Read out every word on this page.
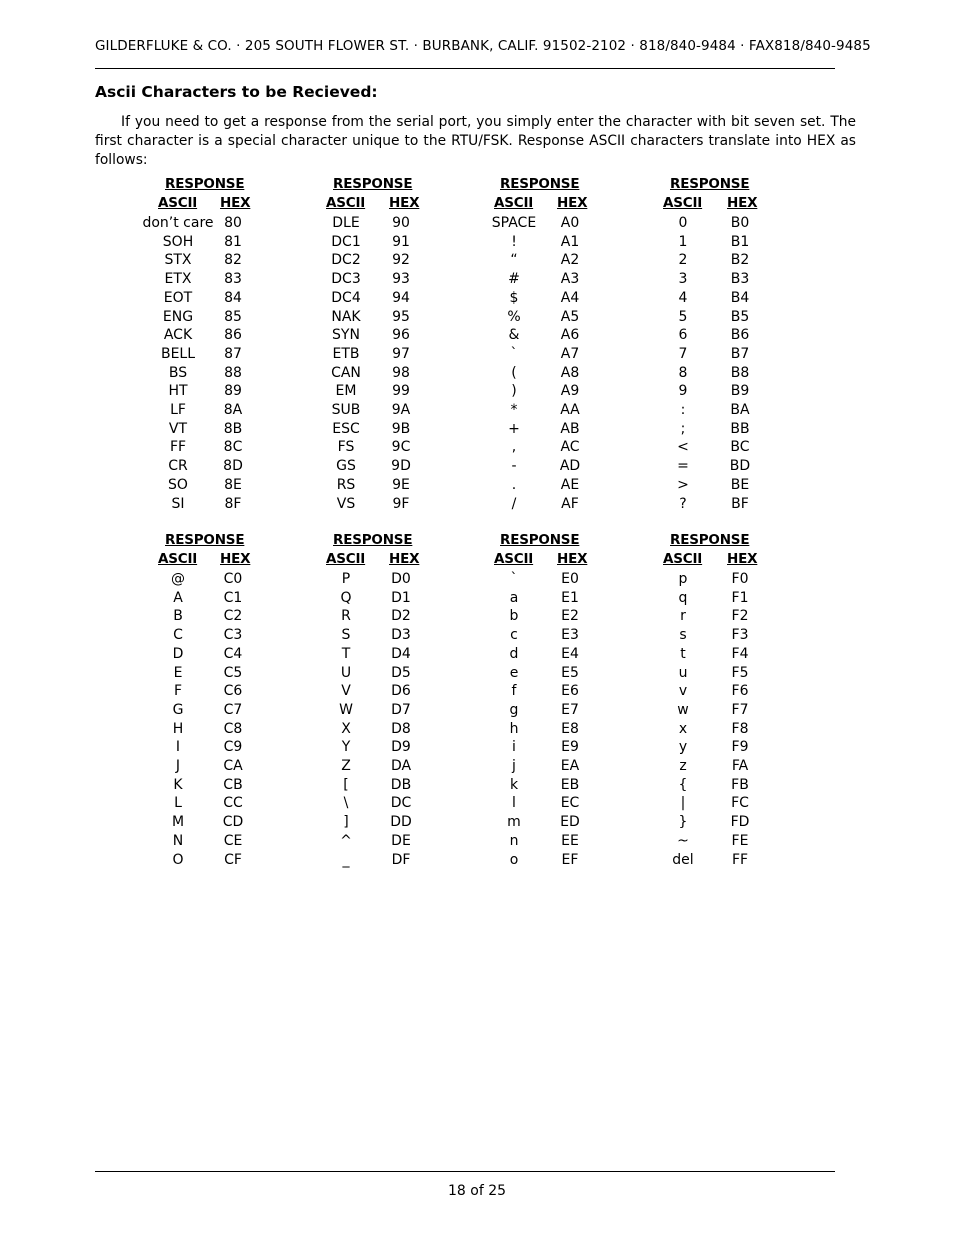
GILDERFLUKE & CO. · 205 SOUTH FLOWER ST. · BURBANK, CALIF. 91502-2102 · 818/840-9484 · FAX818/840-9485
Ascii Characters to be Recieved:

If you need to get a response from the serial port, you simply enter the character with bit seven set. The first character is a special character unique to the RTU/FSK. Response ASCII characters translate into HEX as follows:

RESPONSE
ASCII HEX
don’t care 80
SOH	81
STX	82
ETX	83
EOT	84
ENG	85
ACK	86
BELL	87
BS	88
HT	89
LF	8A
VT	8B
FF	8C
CR	8D
SO	8E
SI	8F
RESPONSE
ASCII HEX
DLE	90
DC1	91
DC2	92
DC3	93
DC4	94
NAK	95
SYN	96
ETB	97
CAN	98
EM	99
SUB	9A
ESC	9B
FS	9C
GS	9D
RS	9E
VS	9F
RESPONSE
ASCII HEX
SPACE	A0
!	A1
“	A2
#	A3
$	A4
%	A5
&	A6
`	A7
(	A8
)	A9
*	AA
+	AB
,	AC
-	AD
.	AE
/	AF
RESPONSE
ASCII HEX
0	B0
1	B1
2	B2
3	B3
4	B4
5	B5
6	B6
7	B7
8	B8
9	B9
:	BA
;	BB
<	BC
=	BD
>	BE
?	BF
RESPONSE
ASCII HEX
@	C0
A	C1
B	C2
C	C3
D	C4
E	C5
F	C6
G	C7
H	C8
I	C9
J	CA
K	CB
L	CC
M	CD
N	CE
O	CF
RESPONSE
ASCII HEX
P	D0
Q	D1
R	D2
S	D3
T	D4
U	D5
V	D6
W	D7
X	D8
Y	D9
Z	DA
[	DB
\	DC
]	DD
^	DE
_	DF
RESPONSE
ASCII HEX
`	E0
a	E1
b	E2
c	E3
d	E4
e	E5
f	E6
g	E7
h	E8
i	E9
j	EA
k	EB
l	EC
m	ED
n	EE
o	EF
RESPONSE
ASCII HEX
p	F0
q	F1
r	F2
s	F3
t	F4
u	F5
v	F6
w	F7
x	F8
y	F9
z	FA
{	FB
|	FC
}	FD
~	FE
del	FF
18 of 25
